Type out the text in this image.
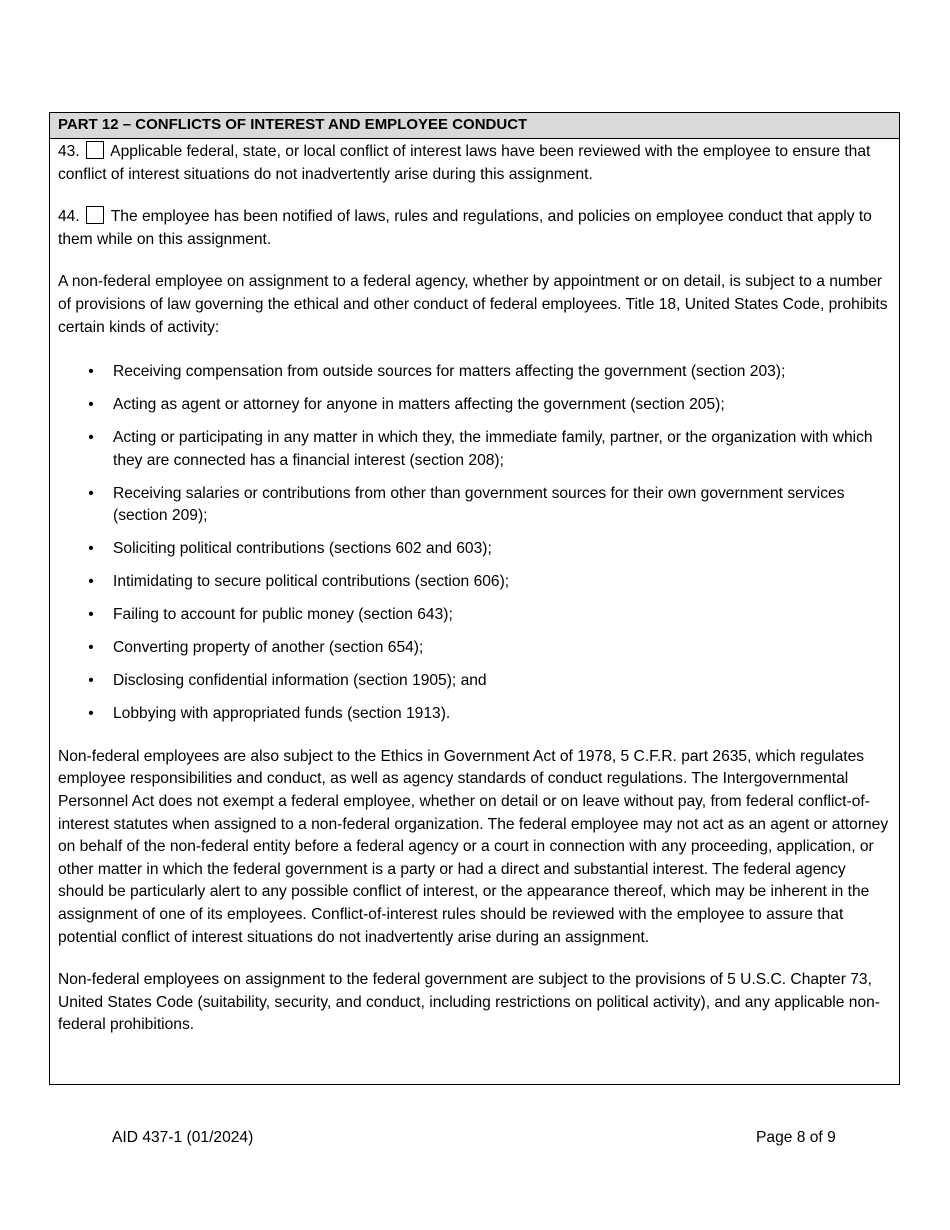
PART 12 – CONFLICTS OF INTEREST AND EMPLOYEE CONDUCT

43. Applicable federal, state, or local conflict of interest laws have been reviewed with the employee to ensure that conflict of interest situations do not inadvertently arise during this assignment.

44. The employee has been notified of laws, rules and regulations, and policies on employee conduct that apply to them while on this assignment.

A non-federal employee on assignment to a federal agency, whether by appointment or on detail, is subject to a number of provisions of law governing the ethical and other conduct of federal employees. Title 18, United States Code, prohibits certain kinds of activity:

• Receiving compensation from outside sources for matters affecting the government (section 203);
• Acting as agent or attorney for anyone in matters affecting the government (section 205);
• Acting or participating in any matter in which they, the immediate family, partner, or the organization with which they are connected has a financial interest (section 208);
• Receiving salaries or contributions from other than government sources for their own government services (section 209);
• Soliciting political contributions (sections 602 and 603);
• Intimidating to secure political contributions (section 606);
• Failing to account for public money (section 643);
• Converting property of another (section 654);
• Disclosing confidential information (section 1905); and
• Lobbying with appropriated funds (section 1913).

Non-federal employees are also subject to the Ethics in Government Act of 1978, 5 C.F.R. part 2635, which regulates employee responsibilities and conduct, as well as agency standards of conduct regulations. The Intergovernmental Personnel Act does not exempt a federal employee, whether on detail or on leave without pay, from federal conflict-of-interest statutes when assigned to a non-federal organization. The federal employee may not act as an agent or attorney on behalf of the non-federal entity before a federal agency or a court in connection with any proceeding, application, or other matter in which the federal government is a party or had a direct and substantial interest. The federal agency should be particularly alert to any possible conflict of interest, or the appearance thereof, which may be inherent in the assignment of one of its employees. Conflict-of-interest rules should be reviewed with the employee to assure that potential conflict of interest situations do not inadvertently arise during an assignment.

Non-federal employees on assignment to the federal government are subject to the provisions of 5 U.S.C. Chapter 73, United States Code (suitability, security, and conduct, including restrictions on political activity), and any applicable non-federal prohibitions.

AID 437-1 (01/2024)	Page 8 of 9
